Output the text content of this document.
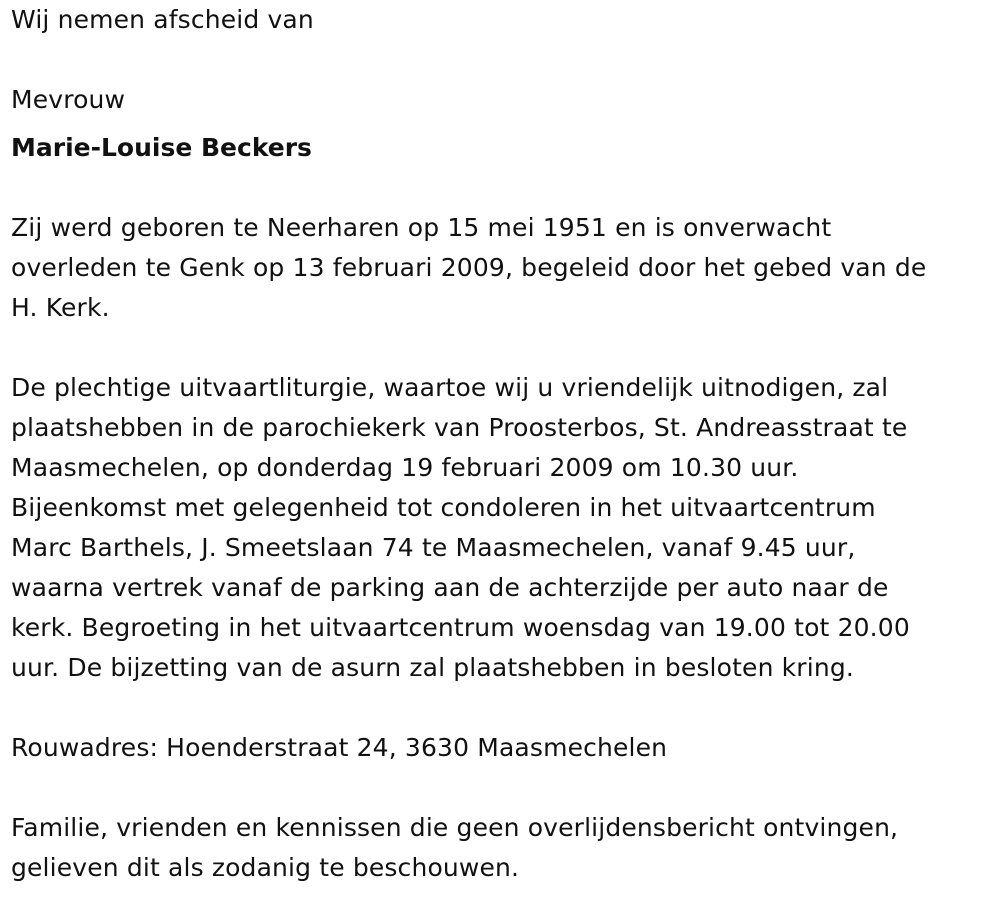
Wij nemen afscheid van
Mevrouw
Marie-Louise Beckers
Zij werd geboren te Neerharen op 15 mei 1951 en is onverwacht
overleden te Genk op 13 februari 2009, begeleid door het gebed van de
H. Kerk.
De plechtige uitvaartliturgie, waartoe wij u vriendelijk uitnodigen, zal
plaatshebben in de parochiekerk van Proosterbos, St. Andreasstraat te
Maasmechelen, op donderdag 19 februari 2009 om 10.30 uur.
Bijeenkomst met gelegenheid tot condoleren in het uitvaartcentrum
Marc Barthels, J. Smeetslaan 74 te Maasmechelen, vanaf 9.45 uur,
waarna vertrek vanaf de parking aan de achterzijde per auto naar de
kerk. Begroeting in het uitvaartcentrum woensdag van 19.00 tot 20.00
uur. De bijzetting van de asurn zal plaatshebben in besloten kring.
Rouwadres: Hoenderstraat 24, 3630 Maasmechelen
Familie, vrienden en kennissen die geen overlijdensbericht ontvingen,
gelieven dit als zodanig te beschouwen.
